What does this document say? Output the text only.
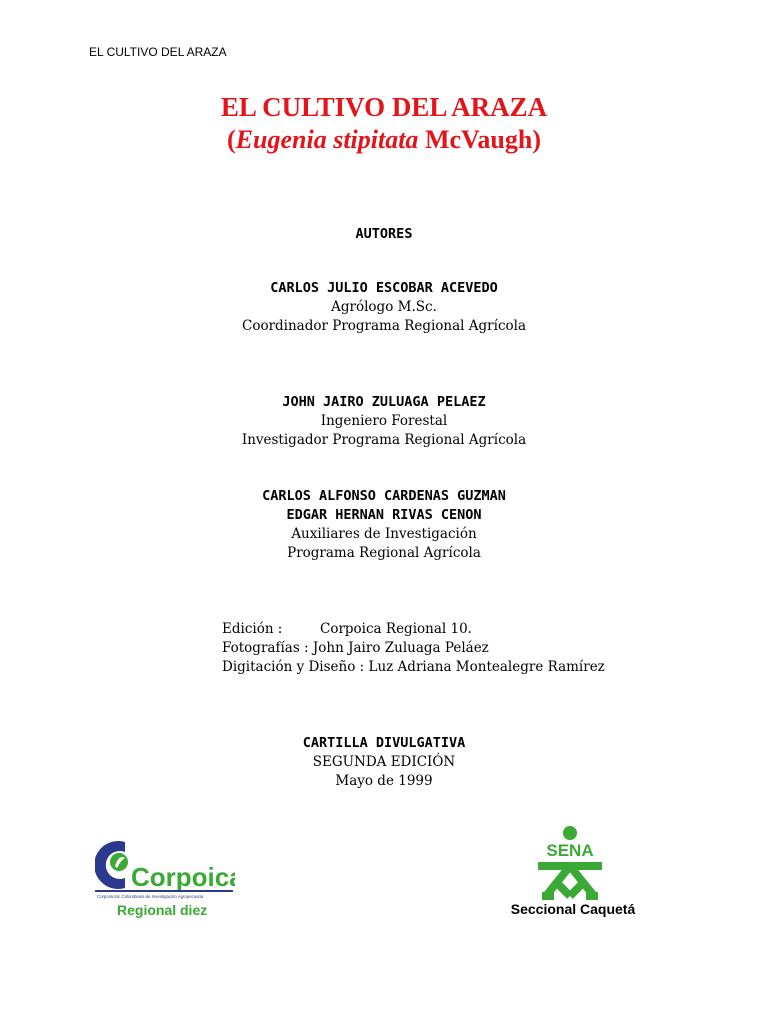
EL CULTIVO DEL ARAZA
EL CULTIVO DEL ARAZA
(Eugenia stipitata McVaugh)
AUTORES
CARLOS JULIO ESCOBAR ACEVEDO
Agrólogo M.Sc.
Coordinador Programa Regional Agrícola
JOHN JAIRO ZULUAGA PELAEZ
Ingeniero Forestal
Investigador Programa Regional Agrícola
CARLOS ALFONSO CARDENAS GUZMAN
EDGAR HERNAN RIVAS CENON
Auxiliares de Investigación
Programa Regional Agrícola
Edición :	Corpoica Regional 10.
Fotografías : John Jairo Zuluaga Peláez
Digitación y Diseño : Luz Adriana Montealegre Ramírez
CARTILLA DIVULGATIVA
SEGUNDA EDICIÓN
Mayo de 1999
Corpoica
Corporación Colombiana de Investigación Agropecuaria
Regional diez
SENA
Seccional Caquetá
